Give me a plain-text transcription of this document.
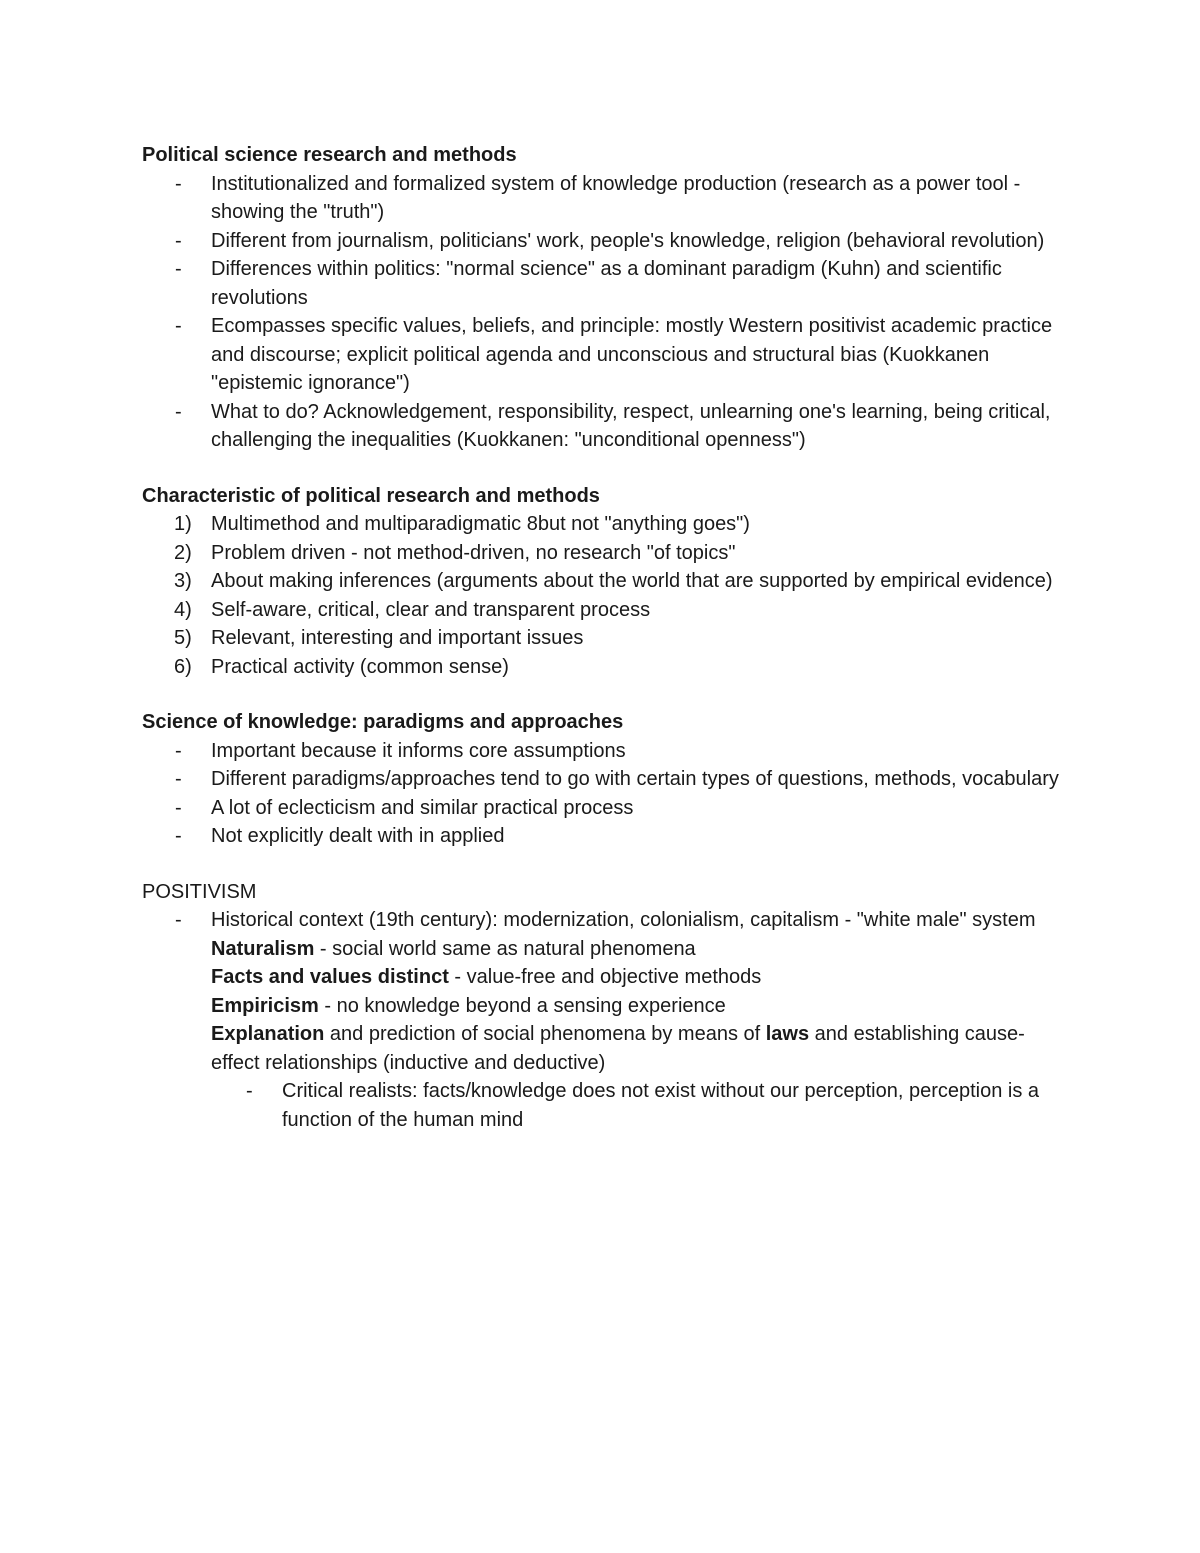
Political science research and methods

- Institutionalized and formalized system of knowledge production (research as a power tool - showing the "truth")
- Different from journalism, politicians' work, people's knowledge, religion (behavioral revolution)
- Differences within politics: "normal science" as a dominant paradigm (Kuhn) and scientific revolutions
- Ecompasses specific values, beliefs, and principle: mostly Western positivist academic practice and discourse; explicit political agenda and unconscious and structural bias (Kuokkanen "epistemic ignorance")
- What to do? Acknowledgement, responsibility, respect, unlearning one's learning, being critical, challenging the inequalities (Kuokkanen: "unconditional openness")

Characteristic of political research and methods

1) Multimethod and multiparadigmatic 8but not "anything goes")
2) Problem driven - not method-driven, no research "of topics"
3) About making inferences (arguments about the world that are supported by empirical evidence)
4) Self-aware, critical, clear and transparent process
5) Relevant, interesting and important issues
6) Practical activity (common sense)

Science of knowledge: paradigms and approaches

- Important because it informs core assumptions
- Different paradigms/approaches tend to go with certain types of questions, methods, vocabulary
- A lot of eclecticism and similar practical process
- Not explicitly dealt with in applied

POSITIVISM

- Historical context (19th century): modernization, colonialism, capitalism - "white male" system
Naturalism - social world same as natural phenomena
Facts and values distinct - value-free and objective methods
Empiricism - no knowledge beyond a sensing experience
Explanation and prediction of social phenomena by means of laws and establishing cause-effect relationships (inductive and deductive)
- Critical realists: facts/knowledge does not exist without our perception, perception is a function of the human mind
